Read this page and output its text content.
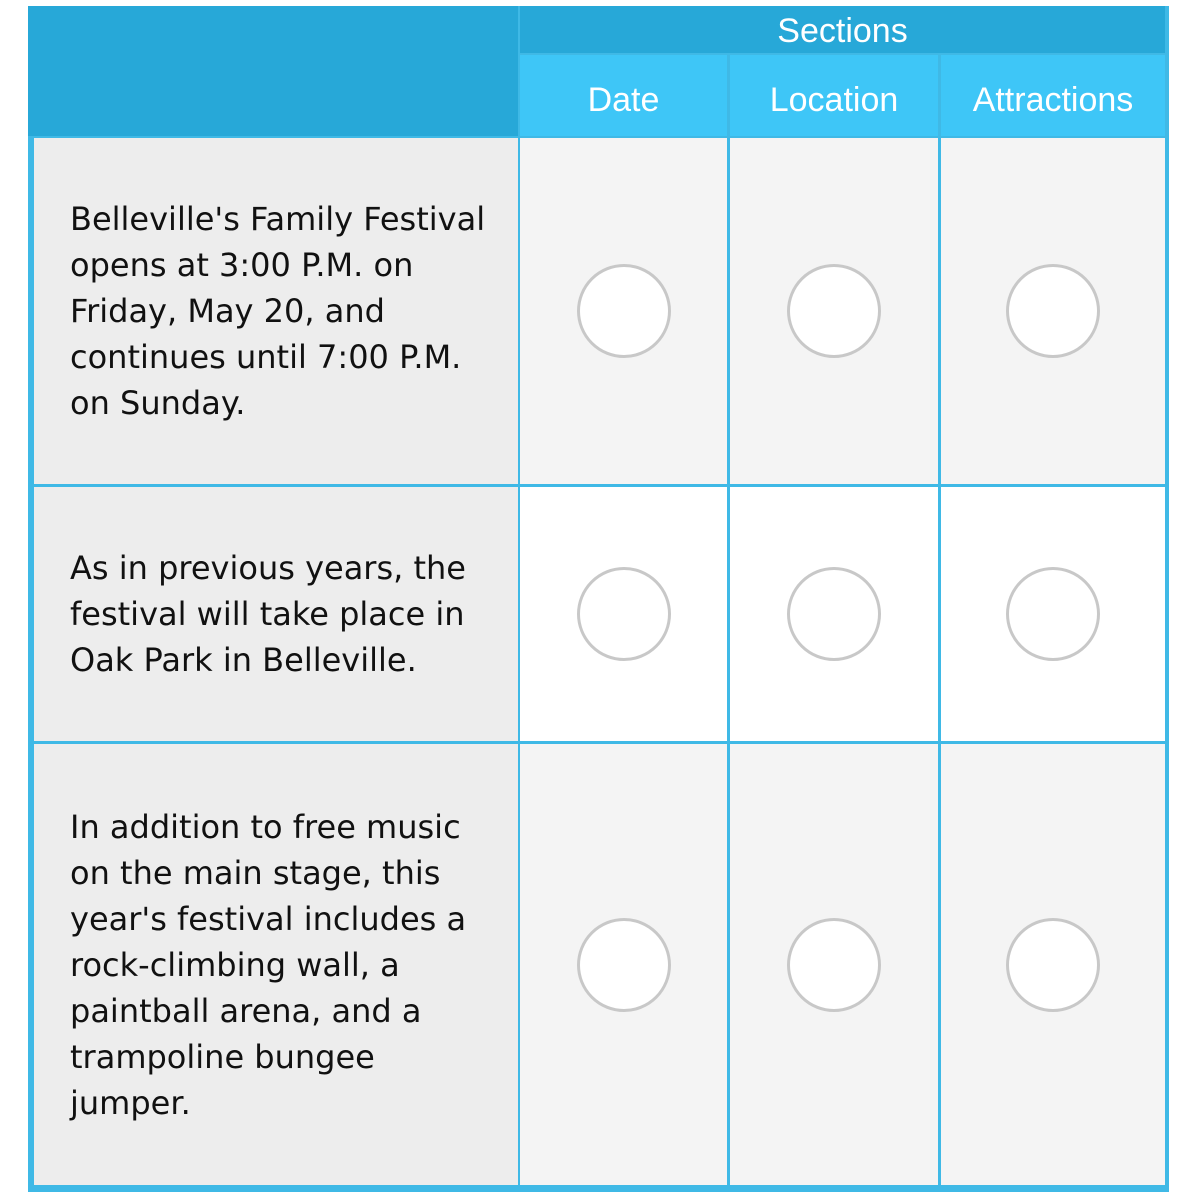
Sections
Date	Location	Attractions
Belleville's Family Festival opens at 3:00 P.M. on Friday, May 20, and continues until 7:00 P.M. on Sunday.
As in previous years, the festival will take place in Oak Park in Belleville.
In addition to free music on the main stage, this year's festival includes a rock-climbing wall, a paintball arena, and a trampoline bungee jumper.
